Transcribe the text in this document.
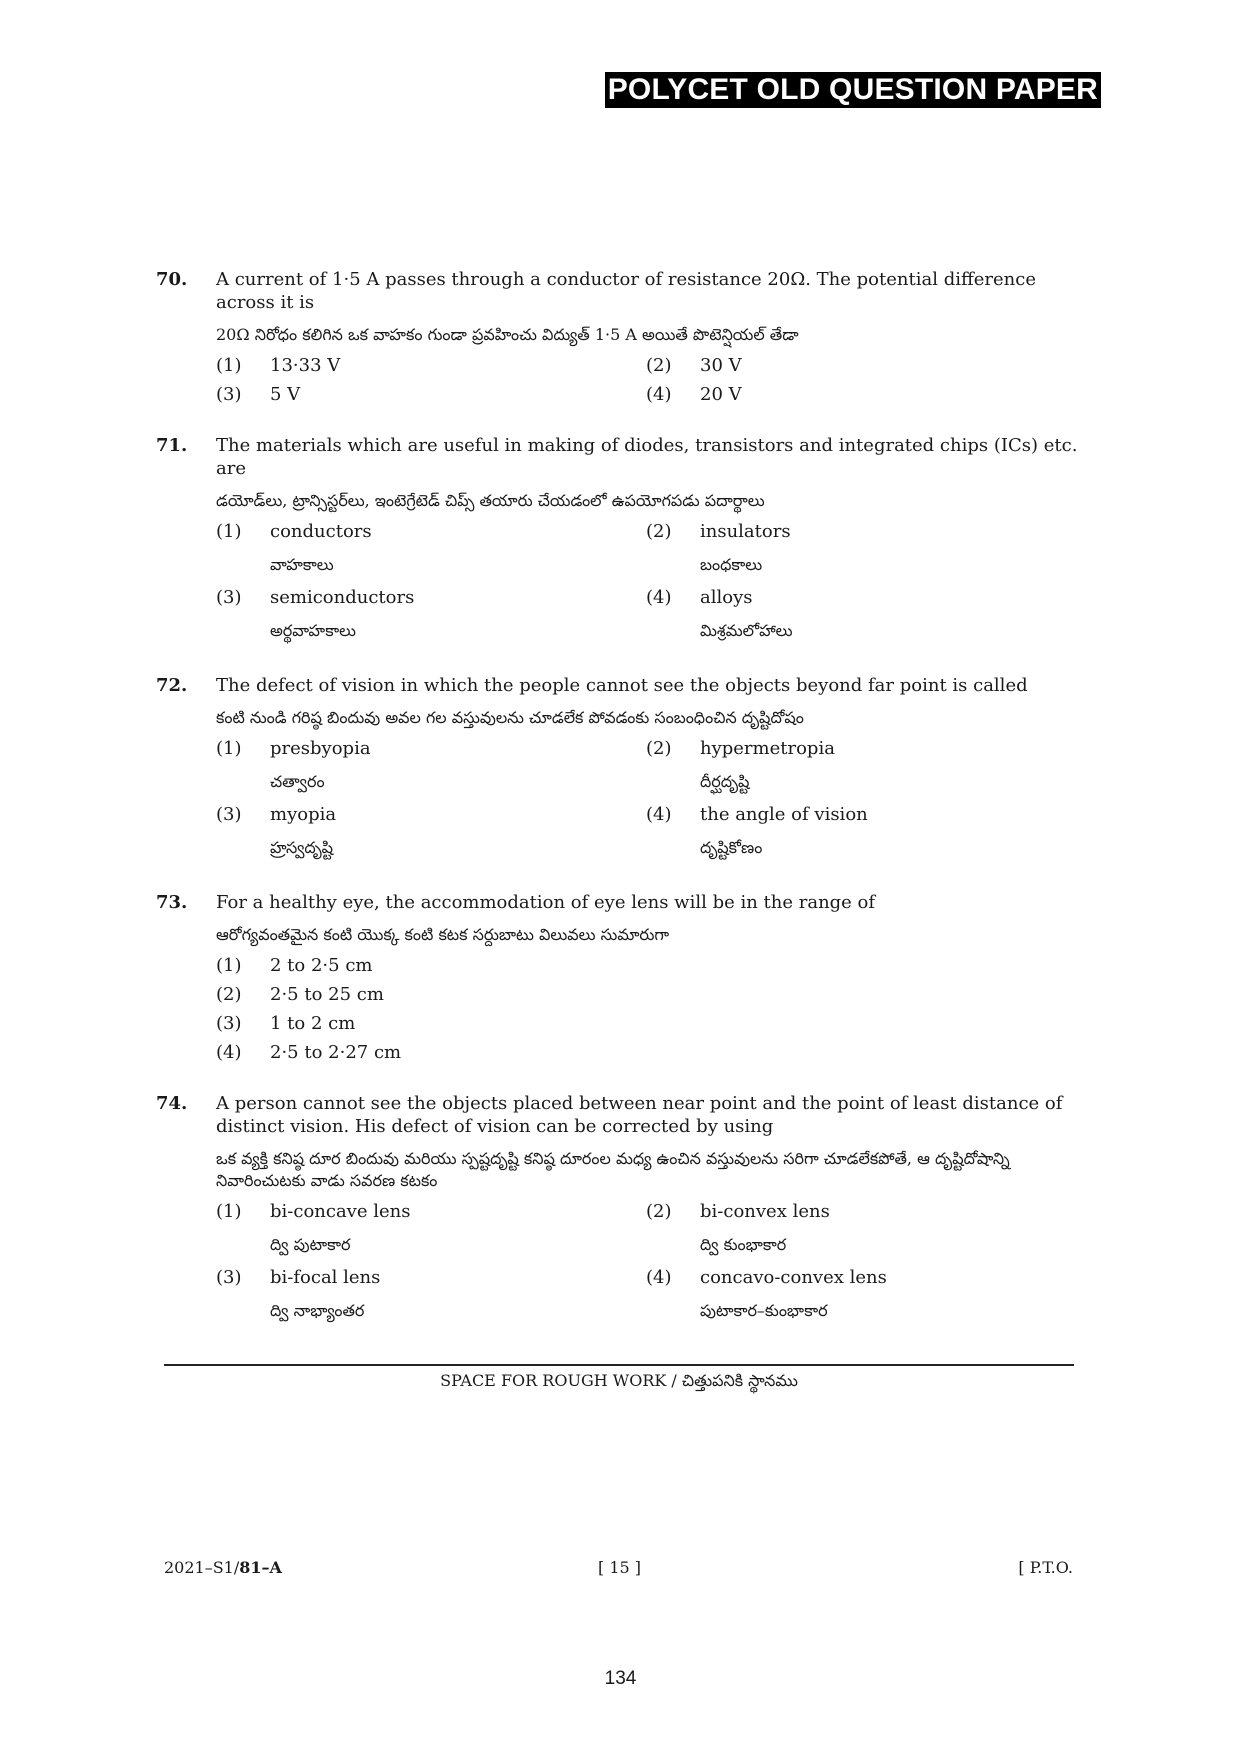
POLYCET OLD QUESTION PAPER
70. A current of 1·5 A passes through a conductor of resistance 20Ω. The potential difference across it is
20Ω నిరోధం కలిగిన ఒక వాహకం గుండా ప్రవహించు విద్యుత్ 1·5 A అయితే పొటెన్షియల్ తేడా
(1)	13·33 V	(2)	30 V
(3)	5 V	(4)	20 V
71. The materials which are useful in making of diodes, transistors and integrated chips (ICs) etc. are
డయోడ్‌లు, ట్రాన్సిస్టర్‌లు, ఇంటెగ్రేటెడ్ చిప్స్ తయారు చేయడంలో ఉపయోగపడు పదార్థాలు
(1)	conductors
వాహకాలు
(2)	insulators
బంధకాలు
(3)	semiconductors
అర్థవాహకాలు
(4)	alloys
మిశ్రమలోహాలు
72. The defect of vision in which the people cannot see the objects beyond far point is called
కంటి నుండి గరిష్ఠ బిందువు అవల గల వస్తువులను చూడలేక పోవడంకు సంబంధించిన దృష్టిదోషం
(1)	presbyopia
చత్వారం
(2)	hypermetropia
దీర్ఘదృష్టి
(3)	myopia
హ్రస్వదృష్టి
(4)	the angle of vision
దృష్టికోణం
73. For a healthy eye, the accommodation of eye lens will be in the range of
ఆరోగ్యవంతమైన కంటి యొక్క కంటి కటక సర్దుబాటు విలువలు సుమారుగా
(1)	2 to 2·5 cm
(2)	2·5 to 25 cm
(3)	1 to 2 cm
(4)	2·5 to 2·27 cm
74. A person cannot see the objects placed between near point and the point of least distance of distinct vision. His defect of vision can be corrected by using
ఒక వ్యక్తి కనిష్ఠ దూర బిందువు మరియు స్పష్టదృష్టి కనిష్ఠ దూరంల మధ్య ఉంచిన వస్తువులను సరిగా చూడలేకపోతే, ఆ దృష్టిదోషాన్ని నివారించుటకు వాడు సవరణ కటకం
(1)	bi-concave lens
ద్వి పుటాకార
(2)	bi-convex lens
ద్వి కుంభాకార
(3)	bi-focal lens
ద్వి నాభ్యాంతర
(4)	concavo-convex lens
పుటాకార–కుంభాకార
SPACE FOR ROUGH WORK / చిత్తుపనికి స్థానము
2021–S1/81–A	[ 15 ]	[ P.T.O.
134
